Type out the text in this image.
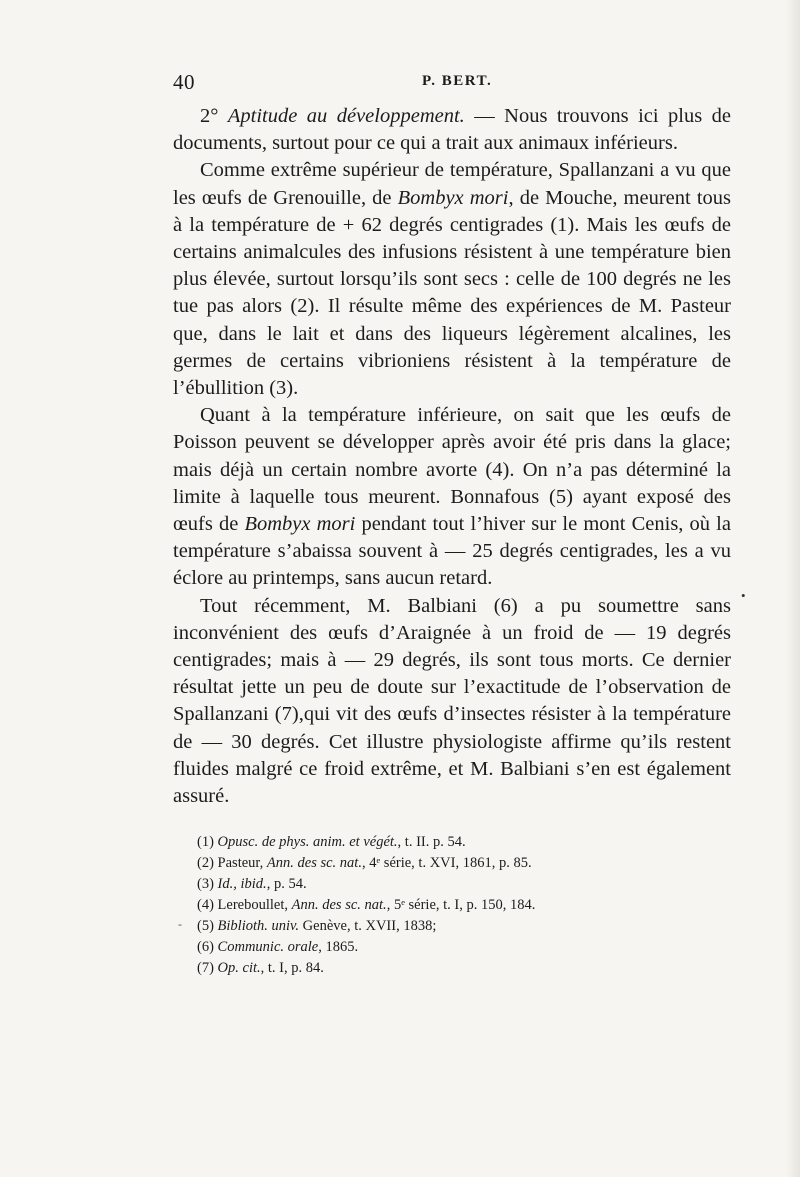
40	P. BERT.

2° Aptitude au développement. — Nous trouvons ici plus de documents, surtout pour ce qui a trait aux animaux inférieurs.

Comme extrême supérieur de température, Spallanzani a vu que les œufs de Grenouille, de Bombyx mori, de Mouche, meurent tous à la température de + 62 degrés centigrades (1). Mais les œufs de certains animalcules des infusions résistent à une température bien plus élevée, surtout lorsqu’ils sont secs : celle de 100 degrés ne les tue pas alors (2). Il résulte même des expériences de M. Pasteur que, dans le lait et dans des liqueurs légèrement alcalines, les germes de certains vibrioniens résistent à la température de l’ébullition (3).

Quant à la température inférieure, on sait que les œufs de Poisson peuvent se développer après avoir été pris dans la glace; mais déjà un certain nombre avorte (4). On n’a pas déterminé la limite à laquelle tous meurent. Bonnafous (5) ayant exposé des œufs de Bombyx mori pendant tout l’hiver sur le mont Cenis, où la température s’abaissa souvent à — 25 degrés centigrades, les a vu éclore au printemps, sans aucun retard.

Tout récemment, M. Balbiani (6) a pu soumettre sans inconvénient des œufs d’Araignée à un froid de — 19 degrés centigrades; mais à — 29 degrés, ils sont tous morts. Ce dernier résultat jette un peu de doute sur l’exactitude de l’observation de Spallanzani (7),qui vit des œufs d’insectes résister à la température de — 30 degrés. Cet illustre physiologiste affirme qu’ils restent fluides malgré ce froid extrême, et M. Balbiani s’en est également assuré.

(1) Opusc. de phys. anim. et végét., t. II. p. 54.
(2) Pasteur, Ann. des sc. nat., 4ᵉ série, t. XVI, 1861, p. 85.
(3) Id., ibid., p. 54.
(4) Lereboullet, Ann. des sc. nat., 5ᵉ série, t. I, p. 150, 184.
(5) Biblioth. univ. Genève, t. XVII, 1838;
(6) Communic. orale, 1865.
(7) Op. cit., t. I, p. 84.
•
-
